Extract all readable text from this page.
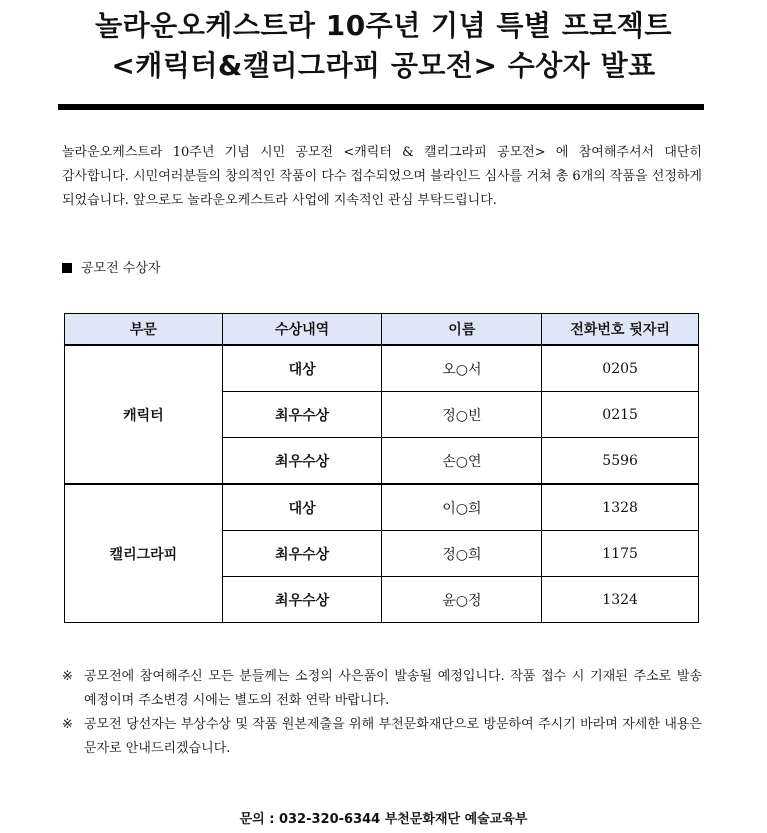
놀라운오케스트라 10주년 기념 특별 프로젝트
<캐릭터&캘리그라피 공모전> 수상자 발표

놀라운오케스트라 10주년 기념 시민 공모전 <캐릭터 & 캘리그라피 공모전> 에 참여해주셔서 대단히 감사합니다. 시민여러분들의 창의적인 작품이 다수 접수되었으며 블라인드 심사를 거쳐 총 6개의 작품을 선정하게 되었습니다. 앞으로도 놀라운오케스트라 사업에 지속적인 관심 부탁드립니다.

공모전 수상자
부문	수상내역	이름	전화번호 뒷자리
캐릭터	대상	오○서	0205
	최우수상	정○빈	0215
	최우수상	손○연	5596
캘리그라피	대상	이○희	1328
	최우수상	정○희	1175
	최우수상	윤○정	1324
※ 공모전에 참여해주신 모든 분들께는 소정의 사은품이 발송될 예정입니다. 작품 접수 시 기재된 주소로 발송 예정이며 주소변경 시에는 별도의 전화 연락 바랍니다.
※ 공모전 당선자는 부상수상 및 작품 원본제출을 위해 부천문화재단으로 방문하여 주시기 바라며 자세한 내용은 문자로 안내드리겠습니다.
문의 : 032-320-6344 부천문화재단 예술교육부
